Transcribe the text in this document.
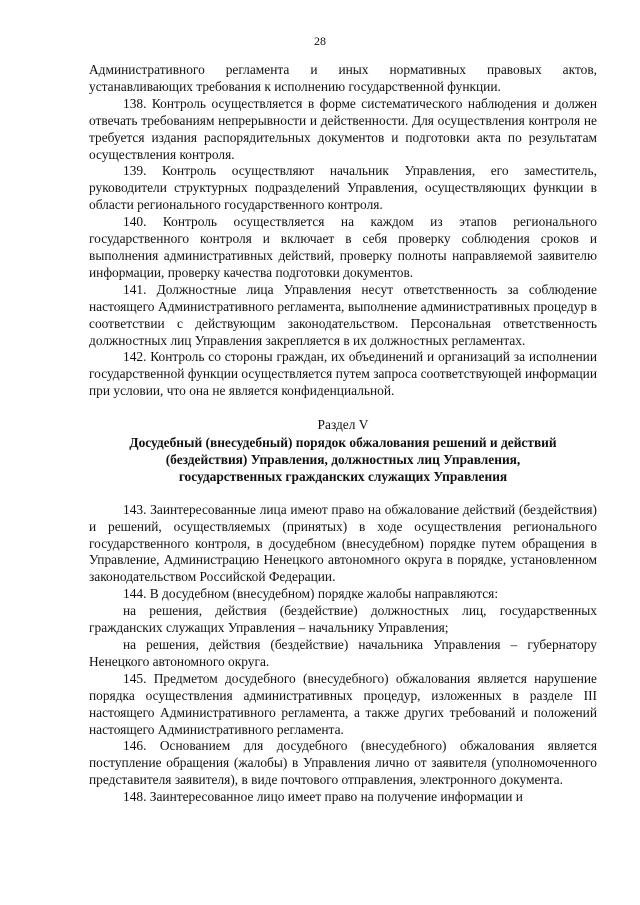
28

Административного регламента и иных нормативных правовых актов, устанавливающих требования к исполнению государственной функции.

138. Контроль осуществляется в форме систематического наблюдения и должен отвечать требованиям непрерывности и действенности. Для осуществления контроля не требуется издания распорядительных документов и подготовки акта по результатам осуществления контроля.

139. Контроль осуществляют начальник Управления, его заместитель, руководители структурных подразделений Управления, осуществляющих функции в области регионального государственного контроля.

140. Контроль осуществляется на каждом из этапов регионального государственного контроля и включает в себя проверку соблюдения сроков и выполнения административных действий, проверку полноты направляемой заявителю информации, проверку качества подготовки документов.

141. Должностные лица Управления несут ответственность за соблюдение настоящего Административного регламента, выполнение административных процедур в соответствии с действующим законодательством. Персональная ответственность должностных лиц Управления закрепляется в их должностных регламентах.

142. Контроль со стороны граждан, их объединений и организаций за исполнении государственной функции осуществляется путем запроса соответствующей информации при условии, что она не является конфиденциальной.

Раздел V
Досудебный (внесудебный) порядок обжалования решений и действий (бездействия) Управления, должностных лиц Управления, государственных гражданских служащих Управления

143. Заинтересованные лица имеют право на обжалование действий (бездействия) и решений, осуществляемых (принятых) в ходе осуществления регионального государственного контроля, в досудебном (внесудебном) порядке путем обращения в Управление, Администрацию Ненецкого автономного округа в порядке, установленном законодательством Российской Федерации.

144. В досудебном (внесудебном) порядке жалобы направляются:

на решения, действия (бездействие) должностных лиц, государственных гражданских служащих Управления – начальнику Управления;

на решения, действия (бездействие) начальника Управления – губернатору Ненецкого автономного округа.

145. Предметом досудебного (внесудебного) обжалования является нарушение порядка осуществления административных процедур, изложенных в разделе III настоящего Административного регламента, а также других требований и положений настоящего Административного регламента.

146. Основанием для досудебного (внесудебного) обжалования является поступление обращения (жалобы) в Управления лично от заявителя (уполномоченного представителя заявителя), в виде почтового отправления, электронного документа.

148. Заинтересованное лицо имеет право на получение информации и
